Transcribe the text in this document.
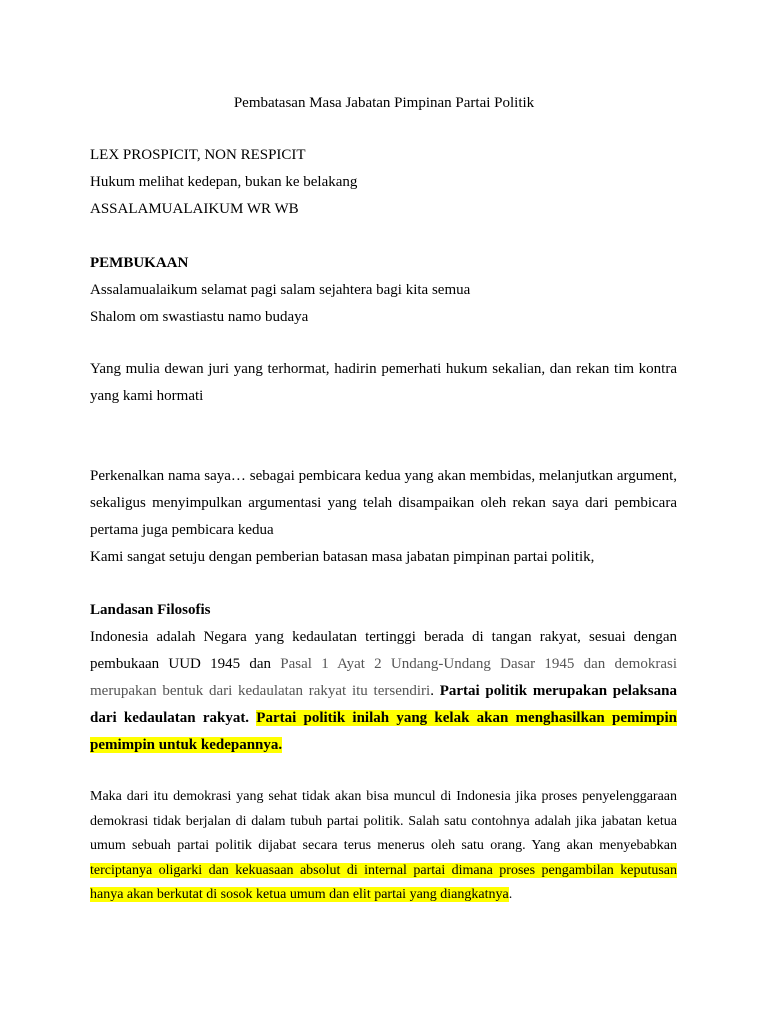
Pembatasan Masa Jabatan Pimpinan Partai Politik
LEX PROSPICIT, NON RESPICIT
Hukum melihat kedepan, bukan ke belakang
ASSALAMUALAIKUM WR WB
PEMBUKAAN
Assalamualaikum selamat pagi salam sejahtera bagi kita semua
Shalom om swastiastu namo budaya

Yang mulia dewan juri yang terhormat, hadirin pemerhati hukum sekalian, dan rekan tim kontra yang kami hormati

Perkenalkan nama saya… sebagai pembicara kedua yang akan membidas, melanjutkan argument, sekaligus menyimpulkan argumentasi yang telah disampaikan oleh rekan saya dari pembicara pertama juga pembicara kedua

Kami sangat setuju dengan pemberian batasan masa jabatan pimpinan partai politik,

Landasan Filosofis

Indonesia adalah Negara yang kedaulatan tertinggi berada di tangan rakyat, sesuai dengan pembukaan UUD 1945 dan Pasal 1 Ayat 2 Undang-Undang Dasar 1945 dan demokrasi merupakan bentuk dari kedaulatan rakyat itu tersendiri. Partai politik merupakan pelaksana dari kedaulatan rakyat. Partai politik inilah yang kelak akan menghasilkan pemimpin pemimpin untuk kedepannya.

Maka dari itu demokrasi yang sehat tidak akan bisa muncul di Indonesia jika proses penyelenggaraan demokrasi tidak berjalan di dalam tubuh partai politik. Salah satu contohnya adalah jika jabatan ketua umum sebuah partai politik dijabat secara terus menerus oleh satu orang. Yang akan menyebabkan terciptanya oligarki dan kekuasaan absolut di internal partai dimana proses pengambilan keputusan hanya akan berkutat di sosok ketua umum dan elit partai yang diangkatnya.
